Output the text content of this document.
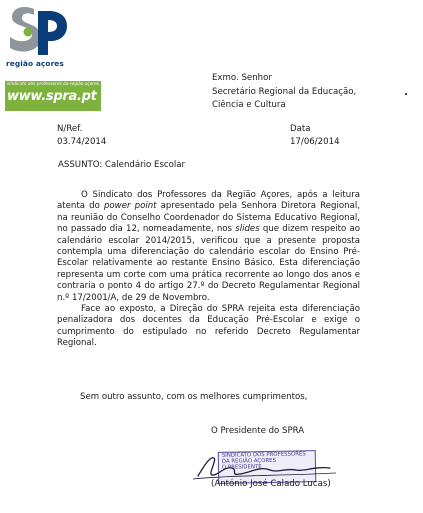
região açores
sindicato dos professores da região açores
www.spra.pt
Exmo. Senhor
Secretário Regional da Educação,
Ciência e Cultura
N/Ref.
03.74/2014
Data
17/06/2014
ASSUNTO: Calendário Escolar

O Sindicato dos Professores da Região Açores, após a leitura atenta do power point apresentado pela Senhora Diretora Regional, na reunião do Conselho Coordenador do Sistema Educativo Regional, no passado dia 12, nomeadamente, nos slides que dizem respeito ao calendário escolar 2014/2015, verificou que a presente proposta contempla uma diferenciação do calendário escolar do Ensino Pré-Escolar relativamente ao restante Ensino Básico. Esta diferenciação representa um corte com uma prática recorrente ao longo dos anos e contraria o ponto 4 do artigo 27.º do Decreto Regulamentar Regional n.º 17/2001/A, de 29 de Novembro.

Face ao exposto, a Direção do SPRA rejeita esta diferenciação penalizadora dos docentes da Educação Pré-Escolar e exige o cumprimento do estipulado no referido Decreto Regulamentar Regional.

Sem outro assunto, com os melhores cumprimentos,
O Presidente do SPRA
SINDICATO DOS PROFESSORES
DA REGIÃO AÇORES
O PRESIDENTE
(António José Calado Lucas)
